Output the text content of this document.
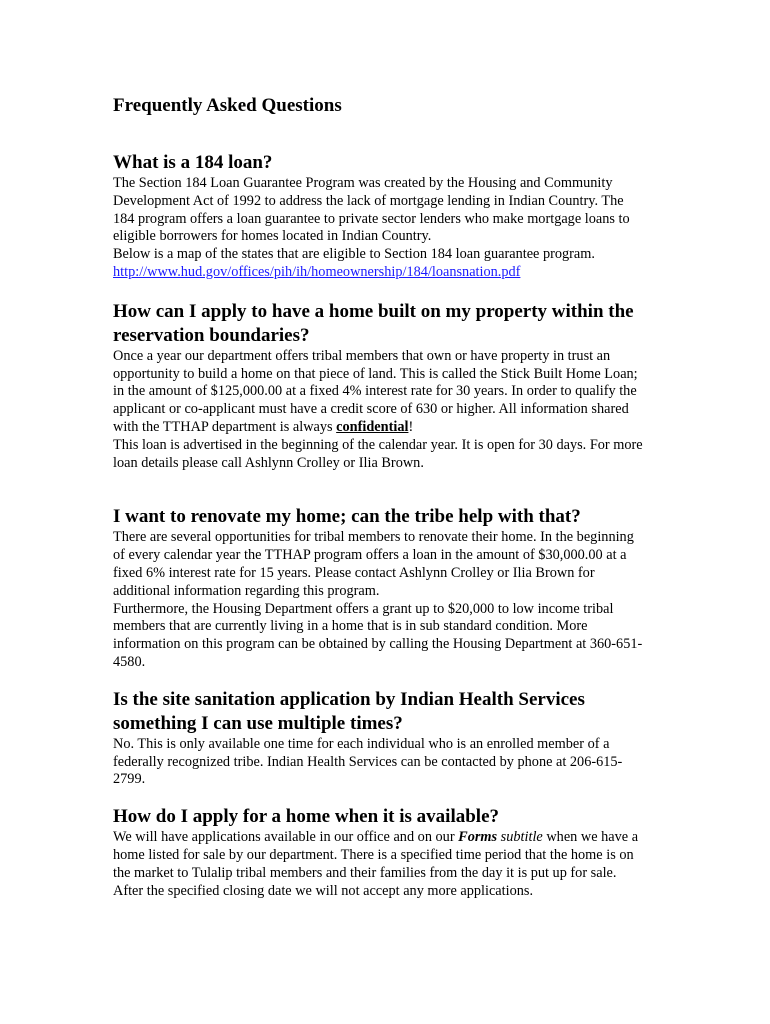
Frequently Asked Questions
What is a 184 loan?

The Section 184 Loan Guarantee Program was created by the Housing and Community Development Act of 1992 to address the lack of mortgage lending in Indian Country. The 184 program offers a loan guarantee to private sector lenders who make mortgage loans to eligible borrowers for homes located in Indian Country.

Below is a map of the states that are eligible to Section 184 loan guarantee program.

http://www.hud.gov/offices/pih/ih/homeownership/184/loansnation.pdf
How can I apply to have a home built on my property within the reservation boundaries?

Once a year our department offers tribal members that own or have property in trust an opportunity to build a home on that piece of land. This is called the Stick Built Home Loan; in the amount of $125,000.00 at a fixed 4% interest rate for 30 years. In order to qualify the applicant or co-applicant must have a credit score of 630 or higher. All information shared with the TTHAP department is always confidential!

This loan is advertised in the beginning of the calendar year. It is open for 30 days. For more loan details please call Ashlynn Crolley or Ilia Brown.

I want to renovate my home; can the tribe help with that?

There are several opportunities for tribal members to renovate their home. In the beginning of every calendar year the TTHAP program offers a loan in the amount of $30,000.00 at a fixed 6% interest rate for 15 years. Please contact Ashlynn Crolley or Ilia Brown for additional information regarding this program.

Furthermore, the Housing Department offers a grant up to $20,000 to low income tribal members that are currently living in a home that is in sub standard condition. More information on this program can be obtained by calling the Housing Department at 360-651-4580.

Is the site sanitation application by Indian Health Services something I can use multiple times?

No. This is only available one time for each individual who is an enrolled member of a federally recognized tribe. Indian Health Services can be contacted by phone at 206-615-2799.

How do I apply for a home when it is available?

We will have applications available in our office and on our Forms subtitle when we have a home listed for sale by our department. There is a specified time period that the home is on the market to Tulalip tribal members and their families from the day it is put up for sale. After the specified closing date we will not accept any more applications.
